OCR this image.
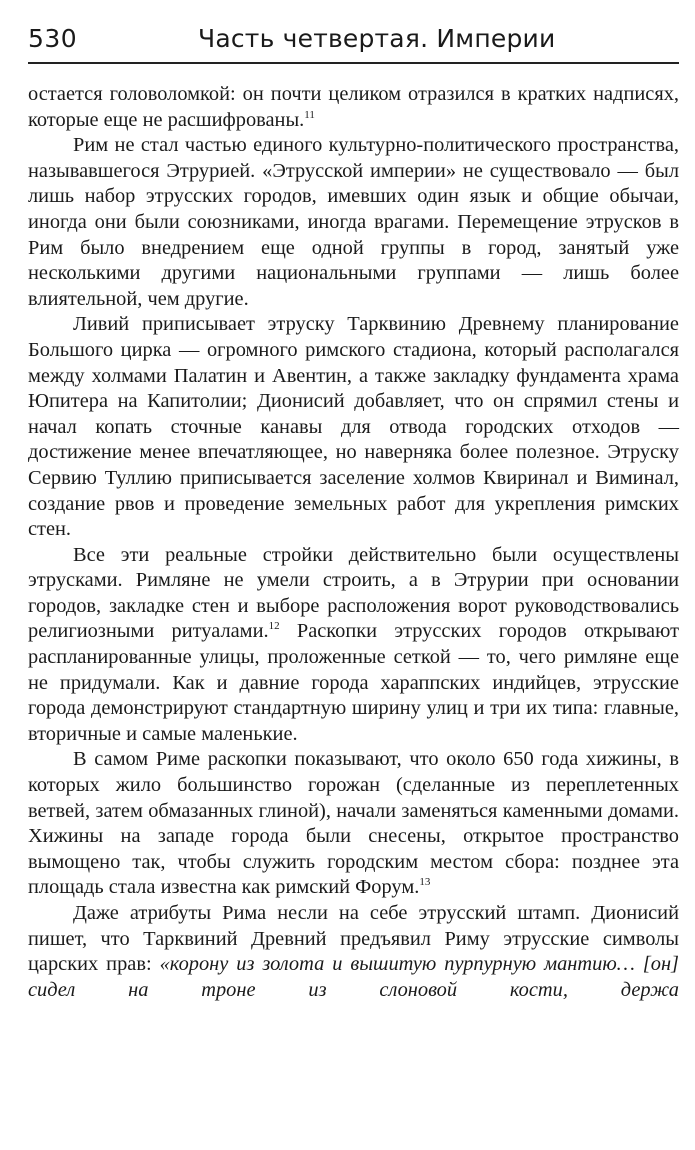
530	Часть четвертая. Империи

остается головоломкой: он почти целиком отразился в кратких надписях, которые еще не расшифрованы.$^{11}$

Рим не стал частью единого культурно-политического пространства, называвшегося Этрурией. «Этрусской империи» не существовало — был лишь набор этрусских городов, имевших один язык и общие обычаи, иногда они были союзниками, иногда врагами. Перемещение этрусков в Рим было внедрением еще одной группы в город, занятый уже несколькими другими национальными группами — лишь более влиятельной, чем другие.

Ливий приписывает этруску Тарквинию Древнему планирование Большого цирка — огромного римского стадиона, который располагался между холмами Палатин и Авентин, а также закладку фундамента храма Юпитера на Капитолии; Дионисий добавляет, что он спрямил стены и начал копать сточные канавы для отвода городских отходов — достижение менее впечатляющее, но наверняка более полезное. Этруску Сервию Туллию приписывается заселение холмов Квиринал и Виминал, создание рвов и проведение земельных работ для укрепления римских стен.

Все эти реальные стройки действительно были осуществлены этрусками. Римляне не умели строить, а в Этрурии при основании городов, закладке стен и выборе расположения ворот руководствовались религиозными ритуалами.$^{12}$ Раскопки этрусских городов открывают распланированные улицы, проложенные сеткой — то, чего римляне еще не придумали. Как и давние города хараппских индийцев, этрусские города демонстрируют стандартную ширину улиц и три их типа: главные, вторичные и самые маленькие.

В самом Риме раскопки показывают, что около 650 года хижины, в которых жило большинство горожан (сделанные из переплетенных ветвей, затем обмазанных глиной), начали заменяться каменными домами. Хижины на западе города были снесены, открытое пространство вымощено так, чтобы служить городским местом сбора: позднее эта площадь стала известна как римский Форум.$^{13}$

Даже атрибуты Рима несли на себе этрусский штамп. Дионисий пишет, что Тарквиний Древний предъявил Риму этрусские символы царских прав: «корону из золота и вышитую пурпурную мантию… [он] сидел на троне из слоновой кости, держа
